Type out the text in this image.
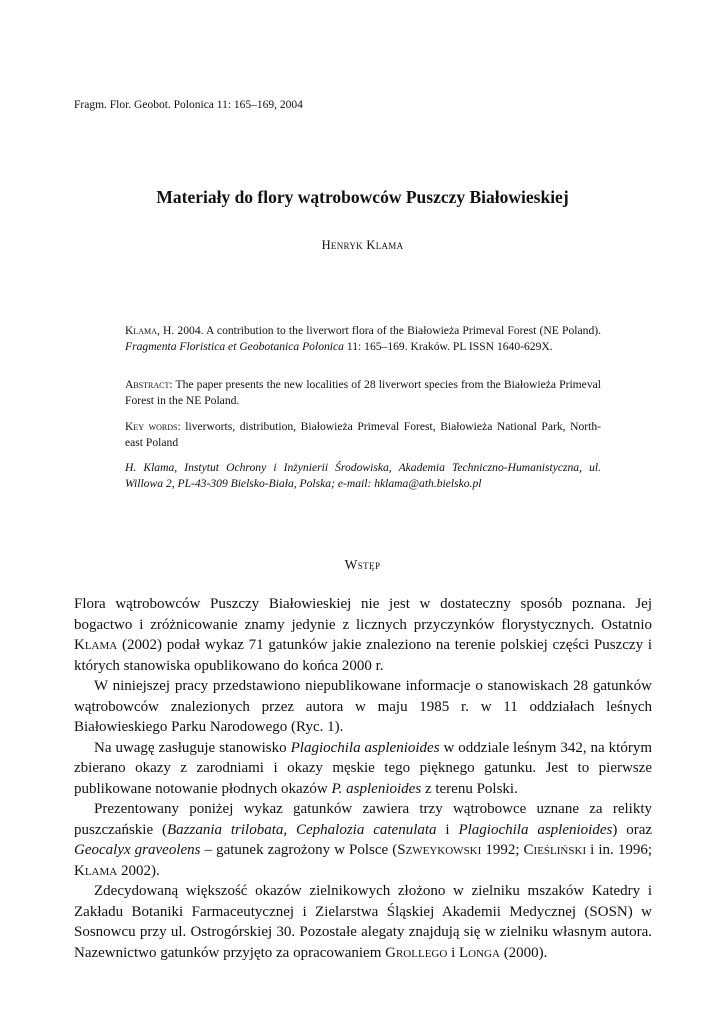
Fragm. Flor. Geobot. Polonica 11: 165–169, 2004
Materiały do flory wątrobowców Puszczy Białowieskiej
Henryk Klama

Klama, H. 2004. A contribution to the liverwort flora of the Białowieża Primeval Forest (NE Poland). Fragmenta Floristica et Geobotanica Polonica 11: 165–169. Kraków. PL ISSN 1640-629X.

Abstract: The paper presents the new localities of 28 liverwort species from the Białowieża Primeval Forest in the NE Poland.

Key words: liverworts, distribution, Białowieża Primeval Forest, Białowieża National Park, North-east Poland

H. Klama, Instytut Ochrony i Inżynierii Środowiska, Akademia Techniczno-Humanistyczna, ul. Willowa 2, PL-43-309 Bielsko-Biała, Polska; e-mail: hklama@ath.bielsko.pl

Wstęp

Flora wątrobowców Puszczy Białowieskiej nie jest w dostateczny sposób poznana. Jej bogactwo i zróżnicowanie znamy jedynie z licznych przyczynków florystycznych. Ostatnio Klama (2002) podał wykaz 71 gatunków jakie znaleziono na terenie polskiej części Puszczy i których stanowiska opublikowano do końca 2000 r.

W niniejszej pracy przedstawiono niepublikowane informacje o stanowiskach 28 gatunków wątrobowców znalezionych przez autora w maju 1985 r. w 11 oddziałach leśnych Białowieskiego Parku Narodowego (Ryc. 1).

Na uwagę zasługuje stanowisko Plagiochila asplenioides w oddziale leśnym 342, na którym zbierano okazy z zarodniami i okazy męskie tego pięknego gatunku. Jest to pierwsze publikowane notowanie płodnych okazów P. asplenioides z terenu Polski.

Prezentowany poniżej wykaz gatunków zawiera trzy wątrobowce uznane za relikty puszczańskie (Bazzania trilobata, Cephalozia catenulata i Plagiochila asplenioides) oraz Geocalyx graveolens – gatunek zagrożony w Polsce (Szweykowski 1992; Cieśliński i in. 1996; Klama 2002).

Zdecydowaną większość okazów zielnikowych złożono w zielniku mszaków Katedry i Zakładu Botaniki Farmaceutycznej i Zielarstwa Śląskiej Akademii Medycznej (SOSN) w Sosnowcu przy ul. Ostrogórskiej 30. Pozostałe alegaty znajdują się w zielniku własnym autora. Nazewnictwo gatunków przyjęto za opracowaniem Grollego i Longa (2000).
